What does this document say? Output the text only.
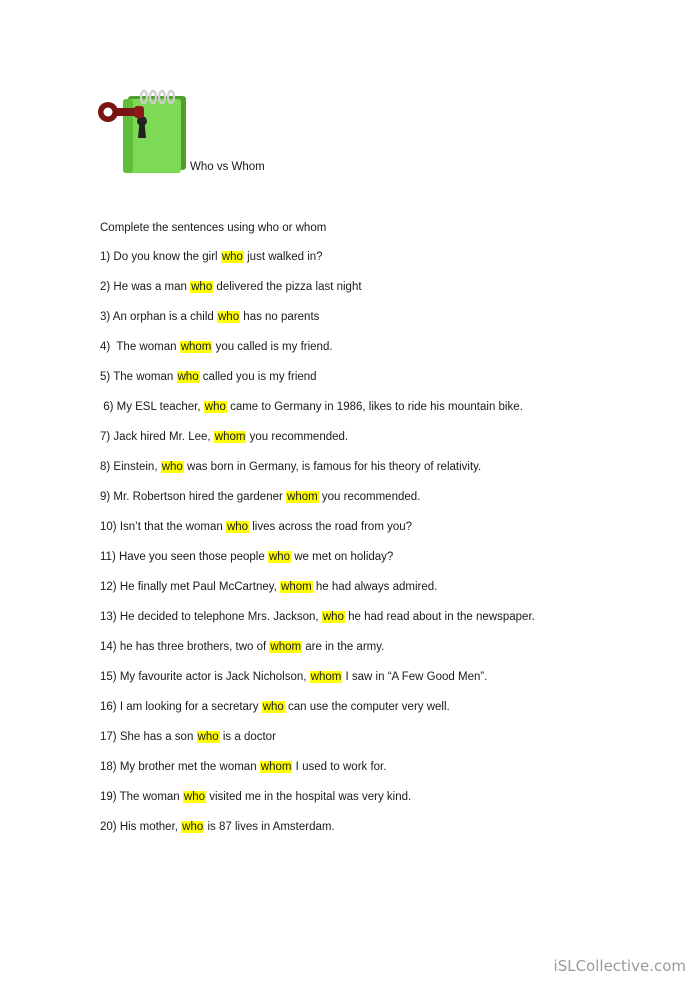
Who vs Whom
Complete the sentences using who or whom
1) Do you know the girl who just walked in?
2) He was a man who delivered the pizza last night
3) An orphan is a child who has no parents
4)  The woman whom you called is my friend.
5) The woman who called you is my friend
6) My ESL teacher, who came to Germany in 1986, likes to ride his mountain bike.
7) Jack hired Mr. Lee, whom you recommended.
8) Einstein, who was born in Germany, is famous for his theory of relativity.
9) Mr. Robertson hired the gardener whom you recommended.
10) Isn’t that the woman who lives across the road from you?
11) Have you seen those people who we met on holiday?
12) He finally met Paul McCartney, whom he had always admired.
13) He decided to telephone Mrs. Jackson, who he had read about in the newspaper.
14) he has three brothers, two of whom are in the army.
15) My favourite actor is Jack Nicholson, whom I saw in “A Few Good Men”.
16) I am looking for a secretary who can use the computer very well.
17) She has a son who is a doctor
18) My brother met the woman whom I used to work for.
19) The woman who visited me in the hospital was very kind.
20) His mother, who is 87 lives in Amsterdam.
iSLCollective.com
